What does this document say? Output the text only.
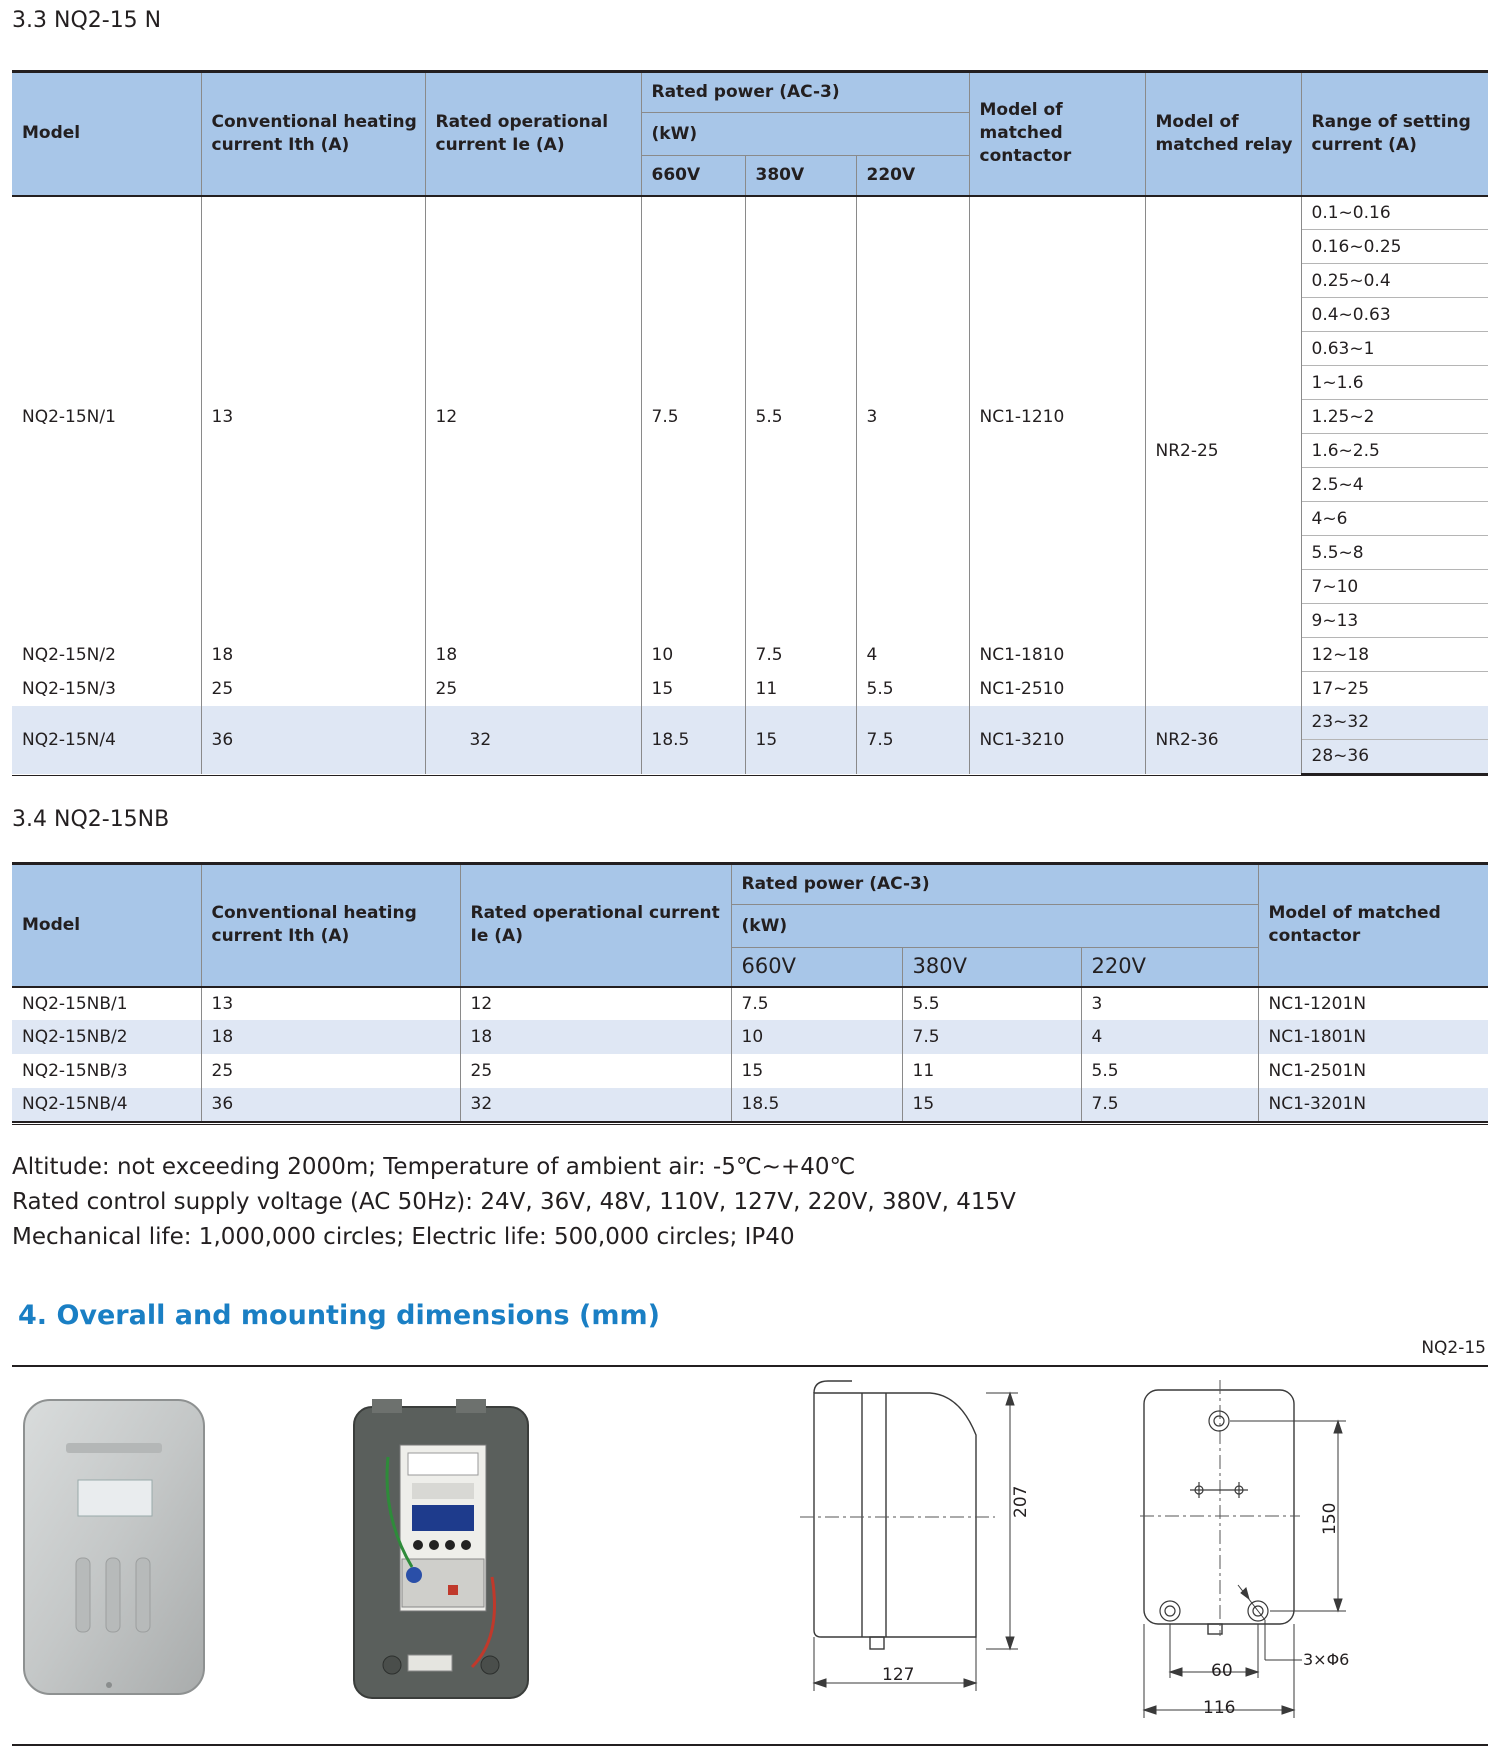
3.3 NQ2-15 N
Model	Conventional heating current Ith (A)	Rated operational current Ie (A)	Rated power (AC-3)			Model of matched contactor	Model of matched relay	Range of setting current (A)
			(kW)					
			660V	380V	220V			
NQ2-15N/1	13	12	7.5	5.5	3	NC1-1210	NR2-25	0.1~0.16
								0.16~0.25
								0.25~0.4
								0.4~0.63
								0.63~1
								1~1.6
								1.25~2
								1.6~2.5
								2.5~4
								4~6
								5.5~8
								7~10
								9~13
NQ2-15N/2	18	18	10	7.5	4	NC1-1810		12~18
NQ2-15N/3	25	25	15	11	5.5	NC1-2510		17~25
NQ2-15N/4	36	32	18.5	15	7.5	NC1-3210	NR2-36	23~32
								28~36
3.4 NQ2-15NB
Model	Conventional heating current Ith (A)	Rated operational current Ie (A)	Rated power (AC-3)			Model of matched contactor
			(kW)			
			660V	380V	220V	
NQ2-15NB/1	13	12	7.5	5.5	3	NC1-1201N
NQ2-15NB/2	18	18	10	7.5	4	NC1-1801N
NQ2-15NB/3	25	25	15	11	5.5	NC1-2501N
NQ2-15NB/4	36	32	18.5	15	7.5	NC1-3201N
Altitude: not exceeding 2000m; Temperature of ambient air: -5℃~+40℃
Rated control supply voltage (AC 50Hz): 24V, 36V, 48V, 110V, 127V, 220V, 380V, 415V
Mechanical life: 1,000,000 circles; Electric life: 500,000 circles; IP40
4. Overall and mounting dimensions (mm)
NQ2-15
207
127
150
60
116
3×Φ6
